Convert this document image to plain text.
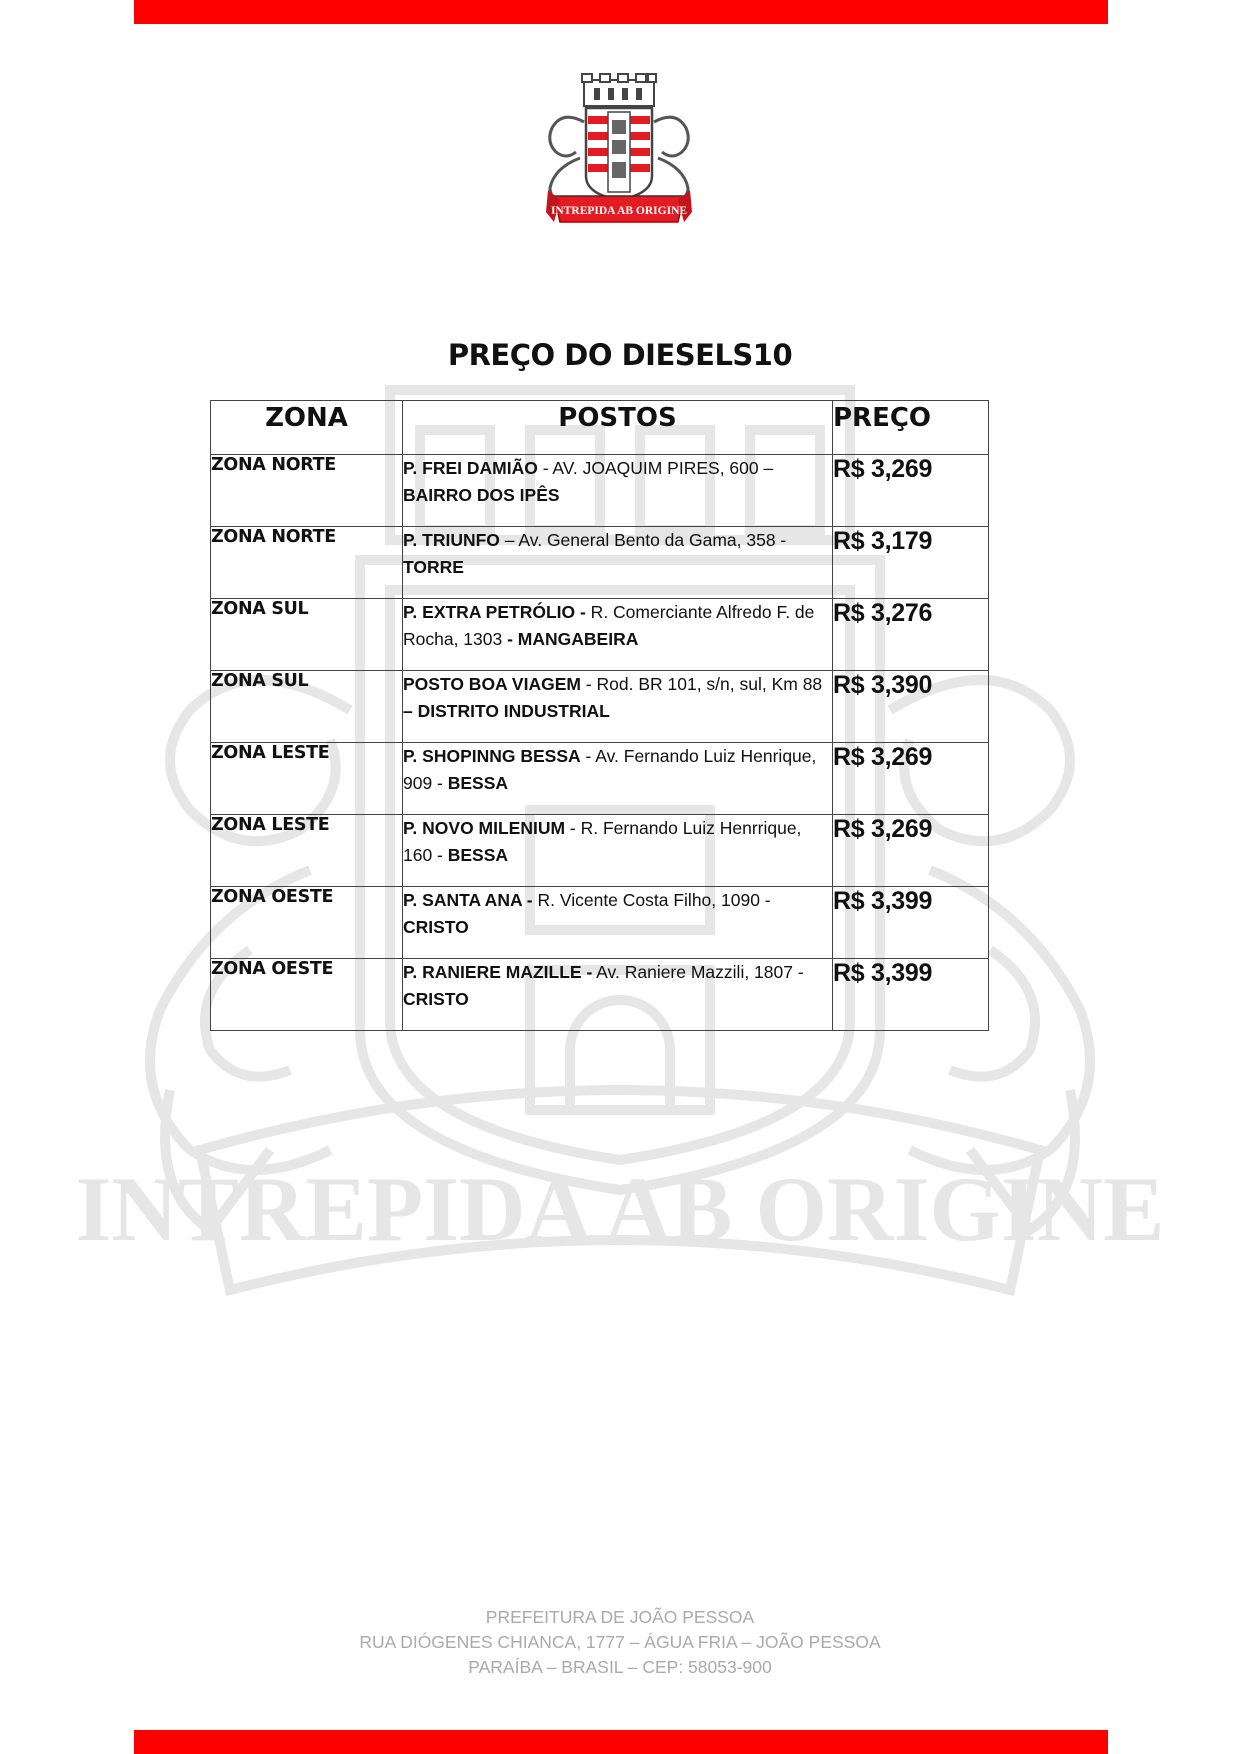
INTREPIDA AB ORIGINE
INTREPIDA AB ORIGINE
PREÇO DO DIESELS10
ZONA	POSTOS	PREÇO
ZONA NORTE	P. FREI DAMIÃO - AV. JOAQUIM PIRES, 600 – BAIRRO DOS IPÊS	R$ 3,269
ZONA NORTE	P. TRIUNFO – Av. General Bento da Gama, 358 - TORRE	R$ 3,179
ZONA SUL	P. EXTRA PETRÓLIO - R. Comerciante Alfredo F. de Rocha, 1303 - MANGABEIRA	R$ 3,276
ZONA SUL	POSTO BOA VIAGEM - Rod. BR 101, s/n, sul, Km 88 – DISTRITO INDUSTRIAL	R$ 3,390
ZONA LESTE	P. SHOPINNG BESSA - Av. Fernando Luiz Henrique, 909 - BESSA	R$ 3,269
ZONA LESTE	P. NOVO MILENIUM - R. Fernando Luiz Henrrique, 160 - BESSA	R$ 3,269
ZONA OESTE	P. SANTA ANA - R. Vicente Costa Filho, 1090 - CRISTO	R$ 3,399
ZONA OESTE	P. RANIERE MAZILLE - Av. Raniere Mazzili, 1807 - CRISTO	R$ 3,399
PREFEITURA DE JOÃO PESSOA
RUA DIÓGENES CHIANCA, 1777 – ÁGUA FRIA – JOÃO PESSOA
PARAÍBA – BRASIL – CEP: 58053-900
